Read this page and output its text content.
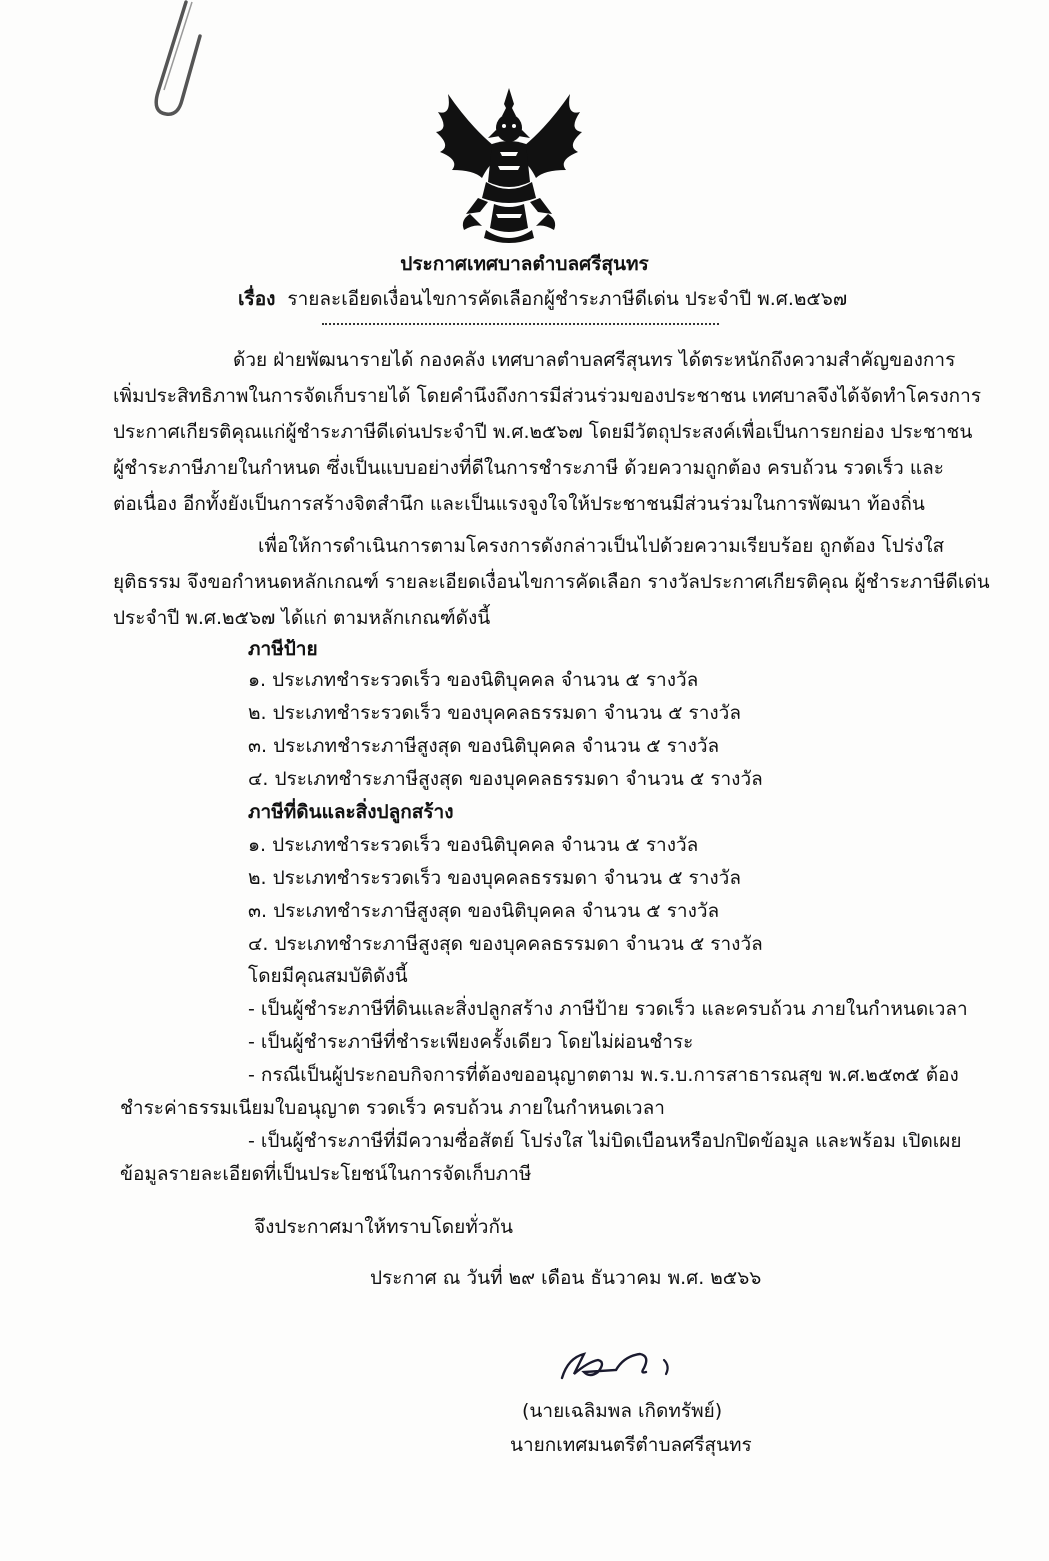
ประกาศเทศบาลตำบลศรีสุนทร
เรื่อง รายละเอียดเงื่อนไขการคัดเลือกผู้ชำระภาษีดีเด่น ประจำปี พ.ศ.๒๕๖๗
ด้วย ฝ่ายพัฒนารายได้ กองคลัง เทศบาลตำบลศรีสุนทร ได้ตระหนักถึงความสำคัญของการ
เพิ่มประสิทธิภาพในการจัดเก็บรายได้ โดยคำนึงถึงการมีส่วนร่วมของประชาชน เทศบาลจึงได้จัดทำโครงการ
ประกาศเกียรติคุณแก่ผู้ชำระภาษีดีเด่นประจำปี พ.ศ.๒๕๖๗ โดยมีวัตถุประสงค์เพื่อเป็นการยกย่อง ประชาชน
ผู้ชำระภาษีภายในกำหนด ซึ่งเป็นแบบอย่างที่ดีในการชำระภาษี ด้วยความถูกต้อง ครบถ้วน รวดเร็ว และ
ต่อเนื่อง อีกทั้งยังเป็นการสร้างจิตสำนึก และเป็นแรงจูงใจให้ประชาชนมีส่วนร่วมในการพัฒนา ท้องถิ่น
เพื่อให้การดำเนินการตามโครงการดังกล่าวเป็นไปด้วยความเรียบร้อย ถูกต้อง โปร่งใส
ยุติธรรม จึงขอกำหนดหลักเกณฑ์ รายละเอียดเงื่อนไขการคัดเลือก รางวัลประกาศเกียรติคุณ ผู้ชำระภาษีดีเด่น
ประจำปี พ.ศ.๒๕๖๗ ได้แก่ ตามหลักเกณฑ์ดังนี้
ภาษีป้าย
๑. ประเภทชำระรวดเร็ว ของนิติบุคคล จำนวน ๕ รางวัล
๒. ประเภทชำระรวดเร็ว ของบุคคลธรรมดา จำนวน ๕ รางวัล
๓. ประเภทชำระภาษีสูงสุด ของนิติบุคคล จำนวน ๕ รางวัล
๔. ประเภทชำระภาษีสูงสุด ของบุคคลธรรมดา จำนวน ๕ รางวัล
ภาษีที่ดินและสิ่งปลูกสร้าง
๑. ประเภทชำระรวดเร็ว ของนิติบุคคล จำนวน ๕ รางวัล
๒. ประเภทชำระรวดเร็ว ของบุคคลธรรมดา จำนวน ๕ รางวัล
๓. ประเภทชำระภาษีสูงสุด ของนิติบุคคล จำนวน ๕ รางวัล
๔. ประเภทชำระภาษีสูงสุด ของบุคคลธรรมดา จำนวน ๕ รางวัล
โดยมีคุณสมบัติดังนี้
- เป็นผู้ชำระภาษีที่ดินและสิ่งปลูกสร้าง ภาษีป้าย รวดเร็ว และครบถ้วน ภายในกำหนดเวลา
- เป็นผู้ชำระภาษีที่ชำระเพียงครั้งเดียว โดยไม่ผ่อนชำระ
- กรณีเป็นผู้ประกอบกิจการที่ต้องขออนุญาตตาม พ.ร.บ.การสาธารณสุข พ.ศ.๒๕๓๕ ต้อง
ชำระค่าธรรมเนียมใบอนุญาต รวดเร็ว ครบถ้วน ภายในกำหนดเวลา
- เป็นผู้ชำระภาษีที่มีความซื่อสัตย์ โปร่งใส ไม่บิดเบือนหรือปกปิดข้อมูล และพร้อม เปิดเผย
ข้อมูลรายละเอียดที่เป็นประโยชน์ในการจัดเก็บภาษี
จึงประกาศมาให้ทราบโดยทั่วกัน
ประกาศ ณ วันที่ ๒๙ เดือน ธันวาคม พ.ศ. ๒๕๖๖
(นายเฉลิมพล เกิดทรัพย์)
นายกเทศมนตรีตำบลศรีสุนทร
